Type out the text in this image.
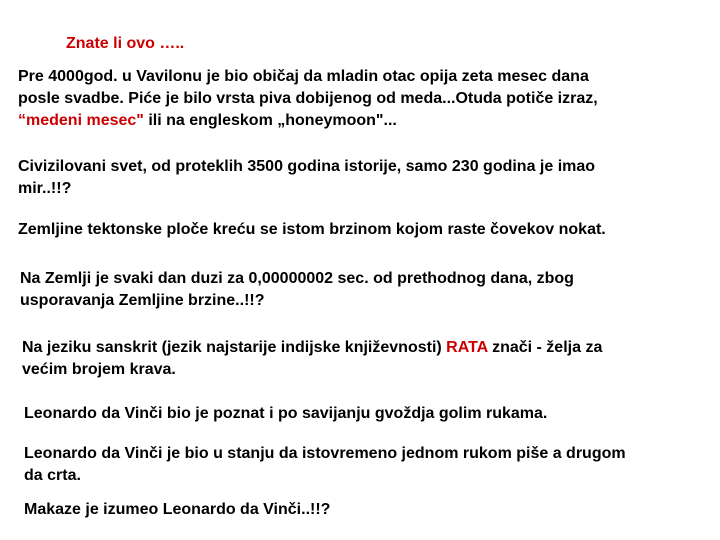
Znate li ovo …..

Pre 4000god. u Vavilonu je bio običaj da mladin otac opija zeta mesec dana
posle svadbe. Piće je bilo vrsta piva dobijenog od meda...Otuda potiče izraz,
“medeni mesec" ili na engleskom „honeymoon"...

Civizilovani svet, od proteklih 3500 godina istorije, samo 230 godina je imao
mir..!!?

Zemljine tektonske ploče kreću se istom brzinom kojom raste čovekov nokat.

Na Zemlji je svaki dan duzi za 0,00000002 sec. od prethodnog dana, zbog
usporavanja Zemljine brzine..!!?

Na jeziku sanskrit (jezik najstarije indijske književnosti) RATA znači - želja za
većim brojem krava.

Leonardo da Vinči bio je poznat i po savijanju gvoždja golim rukama.

Leonardo da Vinči je bio u stanju da istovremeno jednom rukom piše a drugom
da crta.

Makaze je izumeo Leonardo da Vinči..!!?
